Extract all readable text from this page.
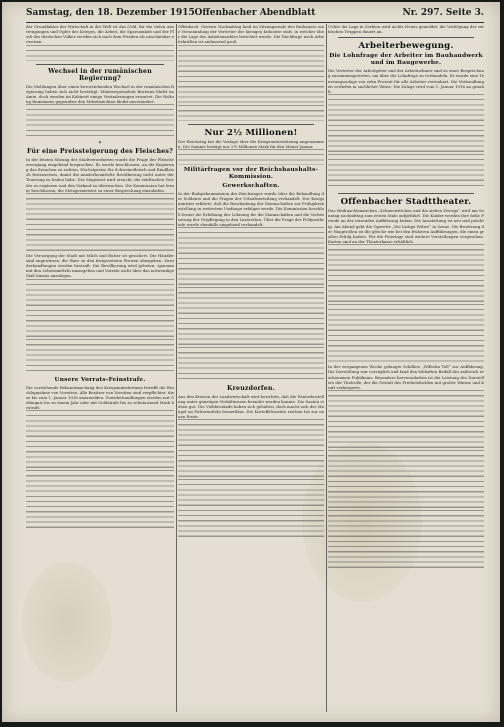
Samstag, den 18. Dezember 1915 Offenbacher Abendblatt	Nr. 297. Seite 3.

der Grundfaktor der Wirtschaft in der Welt ist das Geld, für die vielen Anstrengungen und Opfer des Krieges, die Arbeit, die Sparsamkeit und der Fleiß des deutschen Volkes werden sich nach dem Frieden als unschätzbar erweisen.

Wechsel in der rumänischen Regierung?

Die Meldungen über einen bevorstehenden Wechsel in der rumänischen Regierung haben sich nicht bestätigt. Ministerpräsident Bratianu bleibt im Amte, doch werden im Kabinett einige Veränderungen erwartet. Die Haltung Rumäniens gegenüber den Mittelmächten bleibt unverändert.

✶
Für eine Preissteigerung des Fleisches?

In der letzten Sitzung der Stadtverordneten wurde die Frage der Fleischversorgung eingehend besprochen. Es wurde beschlossen, an die Regierung das Ersuchen zu richten, Höchstpreise für Schweinefleisch und Rindfleisch festzusetzen, damit die minderbemittelte Bevölkerung nicht unter der Teuerung zu leiden habe. Der Magistrat wird ersucht, die städtischen Vorräte zu ergänzen und den Verkauf zu überwachen. Die Kommission hat ferner beschlossen, die Metzgermeister zu einer Besprechung einzuladen.

Die Versorgung der Stadt mit Milch und Butter ist gesichert. Die Händler sind angewiesen, die Ware zu den festgesetzten Preisen abzugeben. Zuwiderhandlungen werden bestraft. Die Bevölkerung wird gebeten, sparsam mit den Lebensmitteln umzugehen und Vorräte nicht über das notwendige Maß hinaus anzulegen.

Unsere Vorrats-Feinstrafe.

Die vorstehende Bekanntmachung des Kriegsministeriums betrifft die Beschlagnahme von Vorräten. Alle Besitzer von Vorräten sind verpflichtet, diese bis zum 1. Januar 1916 anzumelden. Zuwiderhandlungen werden mit Gefängnis bis zu einem Jahr oder mit Geldstrafe bis zu zehntausend Mark bestraft.

Offenbach. Gestern Nachmittag fand im Sitzungssaale des Rathauses eine Versammlung der Vertreter der hiesigen Industrie statt, in welcher über die Lage des Arbeitsmarktes berichtet wurde. Die Nachfrage nach Arbeitskräften ist andauernd groß.

Nur 2½ Millionen!

Der Reichstag hat die Vorlage über die Kriegsunterstützung angenommen. Die Summe beträgt nur 2½ Millionen Mark für den Monat Januar.

Militärfragen vor der Reichshaushalts-Kommission.
Gewerkschaften.

In der Budgetkommission des Reichstages wurde über die Behandlung der Soldaten und die Fragen der Urlaubserteilung verhandelt. Der Kriegsminister erklärte, daß die Beurlaubung der Mannschaften zur Frühjahrsbestellung in weitestem Umfange erfolgen werde. Die Kommission beschloß ferner die Erhöhung der Löhnung für die Mannschaften und die Verbesserung der Verpflegung in den Lazaretten. Über die Frage der Feldpostbriefe wurde ebenfalls eingehend verhandelt.

Kreuzdorfen.

Aus den Kreisen der Landwirtschaft wird berichtet, daß die Winterbestellung unter günstigen Verhältnissen beendet werden konnte. Die Saaten stehen gut. Die Viehbestände haben sich gehalten, doch macht sich der Mangel an Futtermitteln bemerkbar. Die Kartoffelvorräte reichen bis zur neuen Ernte.

Ueber die Lage in Serbien wird nichts Neues gemeldet; die Verfolgung der serbischen Truppen dauert an.

Arbeiterbewegung.
Die Lohnfrage der Arbeiter im Bauhandwerk und im Baugewerbe.

Die Vertreter der Arbeitgeber und der Arbeitnehmer sind zu einer Besprechung zusammengetreten, um über die Lohnfrage zu verhandeln. Es wurde eine Teuerungszulage von zehn Prozent für alle Arbeiter vereinbart. Die Verhandlungen verliefen in sachlicher Weise. Die Zulage wird vom 1. Januar 1916 an gezahlt.

Offenbacher Stadttheater.

Das Weihnachtsmärchen „Schneewittchen und die sieben Zwerge“ wird am Sonntag nachmittag zum ersten Male aufgeführt. Die Kinder werden ihre helle Freude an der reizenden Aufführung haben. Die Ausstattung ist neu und prächtig. Am Abend geht die Operette „Die lustige Witwe“ in Szene. Die Besetzung der Hauptrollen ist die gleiche wie bei den früheren Aufführungen, die einen großen Erfolg hatten. Für die Feiertage sind weitere Vorstellungen vorgesehen. Karten sind an der Theaterkasse erhältlich.

In der vergangenen Woche gelangte Schillers „Wilhelm Tell“ zur Aufführung. Die Darstellung war vorzüglich und fand den lebhaften Beifall des zahlreich erschienenen Publikums. Besonders hervorzuheben ist die Leistung des Darstellers der Titelrolle, der die Gestalt des Freiheitshelden mit großer Wärme und Kraft verkörperte.
